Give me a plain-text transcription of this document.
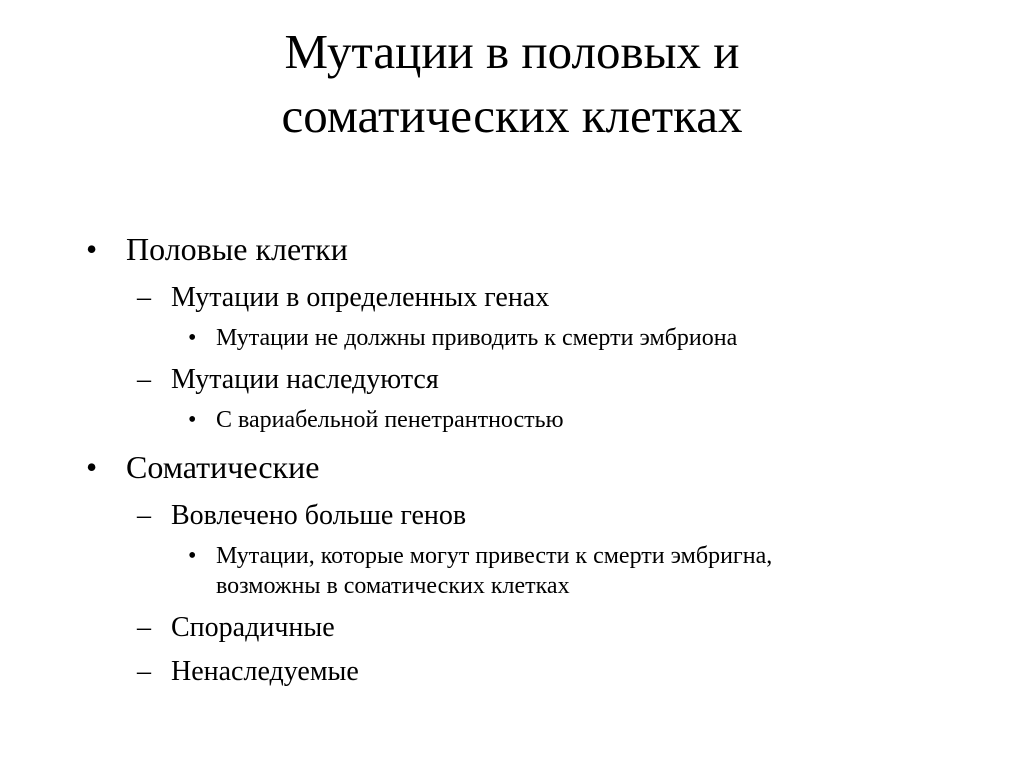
Мутации в половых и
соматических клетках
• Половые клетки
– Мутации в определенных генах
• Мутации не должны приводить к смерти эмбриона
– Мутации наследуются
• С вариабельной пенетрантностью
• Соматические
– Вовлечено больше генов
• Мутации, которые могут привести к смерти эмбригна,
возможны в соматических клетках
– Спорадичные
– Ненаследуемые
